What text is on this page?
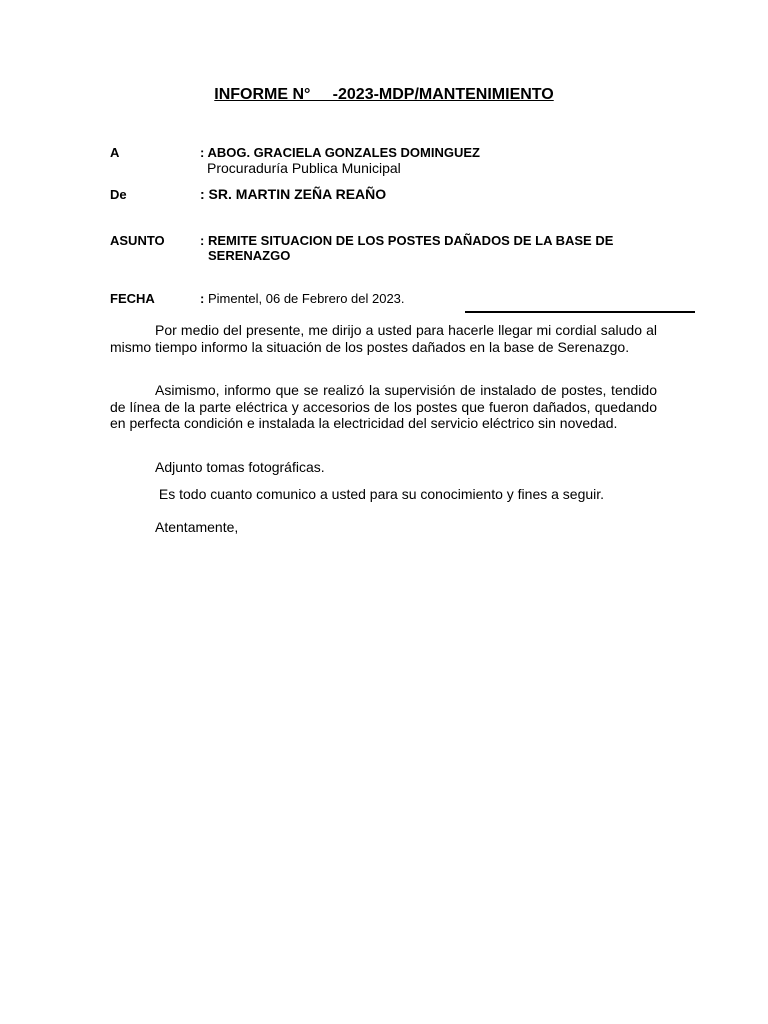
INFORME N°     -2023-MDP/MANTENIMIENTO
A	: ABOG. GRACIELA GONZALES DOMINGUEZ
Procuraduría Publica Municipal
De	: SR. MARTIN ZEÑA REAÑO
ASUNTO	: REMITE SITUACION DE LOS POSTES DAÑADOS DE LA BASE DE
SERENAZGO
FECHA	: Pimentel, 06 de Febrero del 2023.
Por medio del presente, me dirijo a usted para hacerle llegar mi cordial saludo al mismo tiempo informo la situación de los postes dañados en la base de Serenazgo.
Asimismo, informo que se realizó la supervisión de instalado de postes, tendido de línea de la parte eléctrica y accesorios de los postes que fueron dañados, quedando en perfecta condición e instalada la electricidad del servicio eléctrico sin novedad.
Adjunto tomas fotográficas.
Es todo cuanto comunico a usted para su conocimiento y fines a seguir.
Atentamente,
